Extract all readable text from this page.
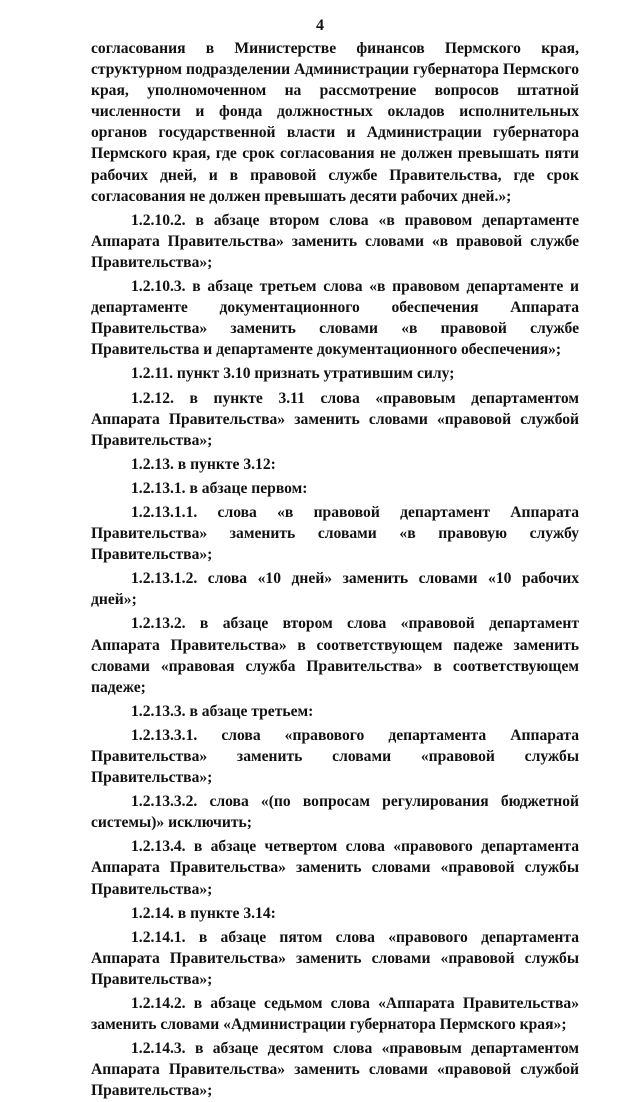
4

согласования в Министерстве финансов Пермского края, структурном подразделении Администрации губернатора Пермского края, уполномоченном на рассмотрение вопросов штатной численности и фонда должностных окладов исполнительных органов государственной власти и Администрации губернатора Пермского края, где срок согласования не должен превышать пяти рабочих дней, и в правовой службе Правительства, где срок согласования не должен превышать десяти рабочих дней.»;

1.2.10.2. в абзаце втором слова «в правовом департаменте Аппарата Правительства» заменить словами «в правовой службе Правительства»;

1.2.10.3. в абзаце третьем слова «в правовом департаменте и департаменте документационного обеспечения Аппарата Правительства» заменить словами «в правовой службе Правительства и департаменте документационного обеспечения»;

1.2.11. пункт 3.10 признать утратившим силу;

1.2.12. в пункте 3.11 слова «правовым департаментом Аппарата Правительства» заменить словами «правовой службой Правительства»;

1.2.13. в пункте 3.12:

1.2.13.1. в абзаце первом:

1.2.13.1.1. слова «в правовой департамент Аппарата Правительства» заменить словами «в правовую службу Правительства»;

1.2.13.1.2. слова «10 дней» заменить словами «10 рабочих дней»;

1.2.13.2. в абзаце втором слова «правовой департамент Аппарата Правительства» в соответствующем падеже заменить словами «правовая служба Правительства» в соответствующем падеже;

1.2.13.3. в абзаце третьем:

1.2.13.3.1. слова «правового департамента Аппарата Правительства» заменить словами «правовой службы Правительства»;

1.2.13.3.2. слова «(по вопросам регулирования бюджетной системы)» исключить;

1.2.13.4. в абзаце четвертом слова «правового департамента Аппарата Правительства» заменить словами «правовой службы Правительства»;

1.2.14. в пункте 3.14:

1.2.14.1. в абзаце пятом слова «правового департамента Аппарата Правительства» заменить словами «правовой службы Правительства»;

1.2.14.2. в абзаце седьмом слова «Аппарата Правительства» заменить словами «Администрации губернатора Пермского края»;

1.2.14.3. в абзаце десятом слова «правовым департаментом Аппарата Правительства» заменить словами «правовой службой Правительства»;
